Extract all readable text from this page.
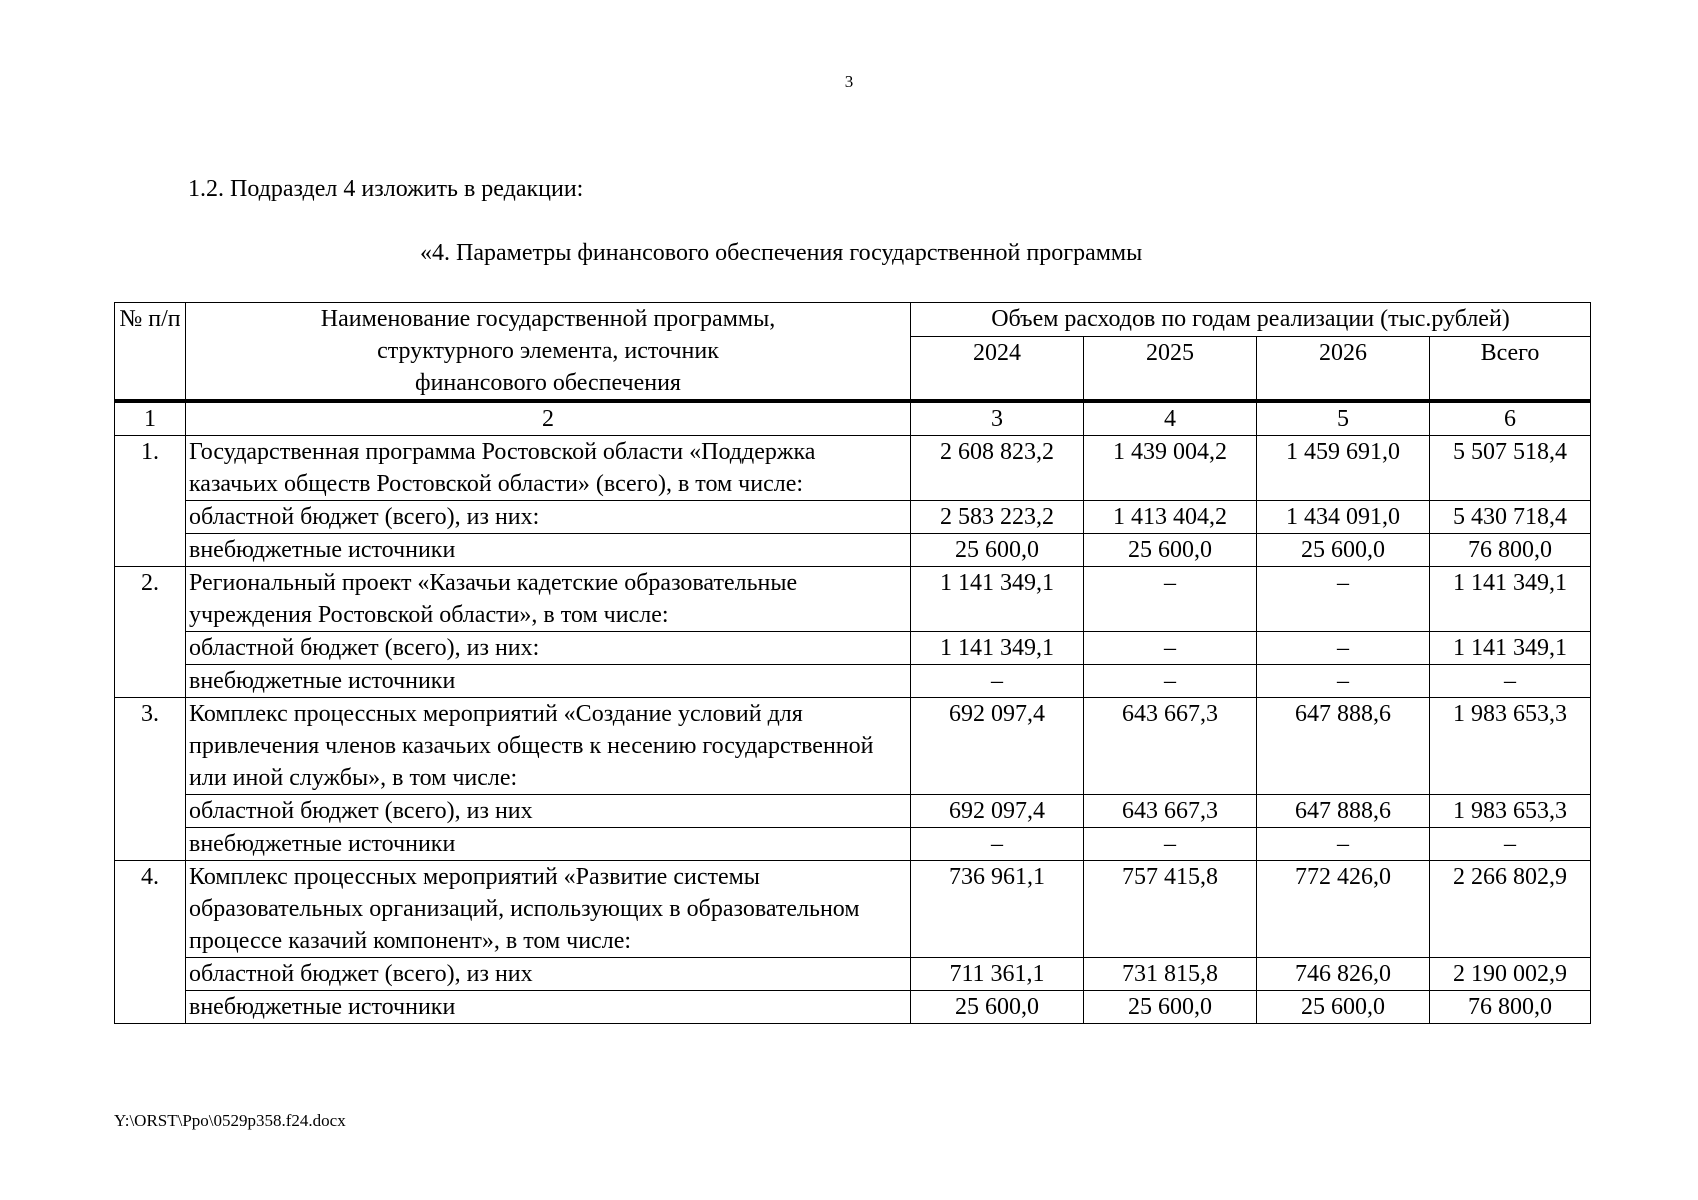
3
1.2. Подраздел 4 изложить в редакции:
«4. Параметры финансового обеспечения государственной программы
№ п/п	Наименование государственной программы, структурного элемента, источник финансового обеспечения	Объем расходов по годам реализации (тыс.рублей)			
		2024	2025	2026	Всего
1	2	3	4	5	6
1.	Государственная программа Ростовской области «Поддержка казачьих обществ Ростовской области» (всего), в том числе:	2 608 823,2	1 439 004,2	1 459 691,0	5 507 518,4
	областной бюджет (всего), из них:	2 583 223,2	1 413 404,2	1 434 091,0	5 430 718,4
	внебюджетные источники	25 600,0	25 600,0	25 600,0	76 800,0
2.	Региональный проект «Казачьи кадетские образовательные учреждения Ростовской области», в том числе:	1 141 349,1	–	–	1 141 349,1
	областной бюджет (всего), из них:	1 141 349,1	–	–	1 141 349,1
	внебюджетные источники	–	–	–	–
3.	Комплекс процессных мероприятий «Создание условий для привлечения членов казачьих обществ к несению государственной или иной службы», в том числе:	692 097,4	643 667,3	647 888,6	1 983 653,3
	областной бюджет (всего), из них	692 097,4	643 667,3	647 888,6	1 983 653,3
	внебюджетные источники	–	–	–	–
4.	Комплекс процессных мероприятий «Развитие системы образовательных организаций, использующих в образовательном процессе казачий компонент», в том числе:	736 961,1	757 415,8	772 426,0	2 266 802,9
	областной бюджет (всего), из них	711 361,1	731 815,8	746 826,0	2 190 002,9
	внебюджетные источники	25 600,0	25 600,0	25 600,0	76 800,0
Y:\ORST\Ppo\0529p358.f24.docx
